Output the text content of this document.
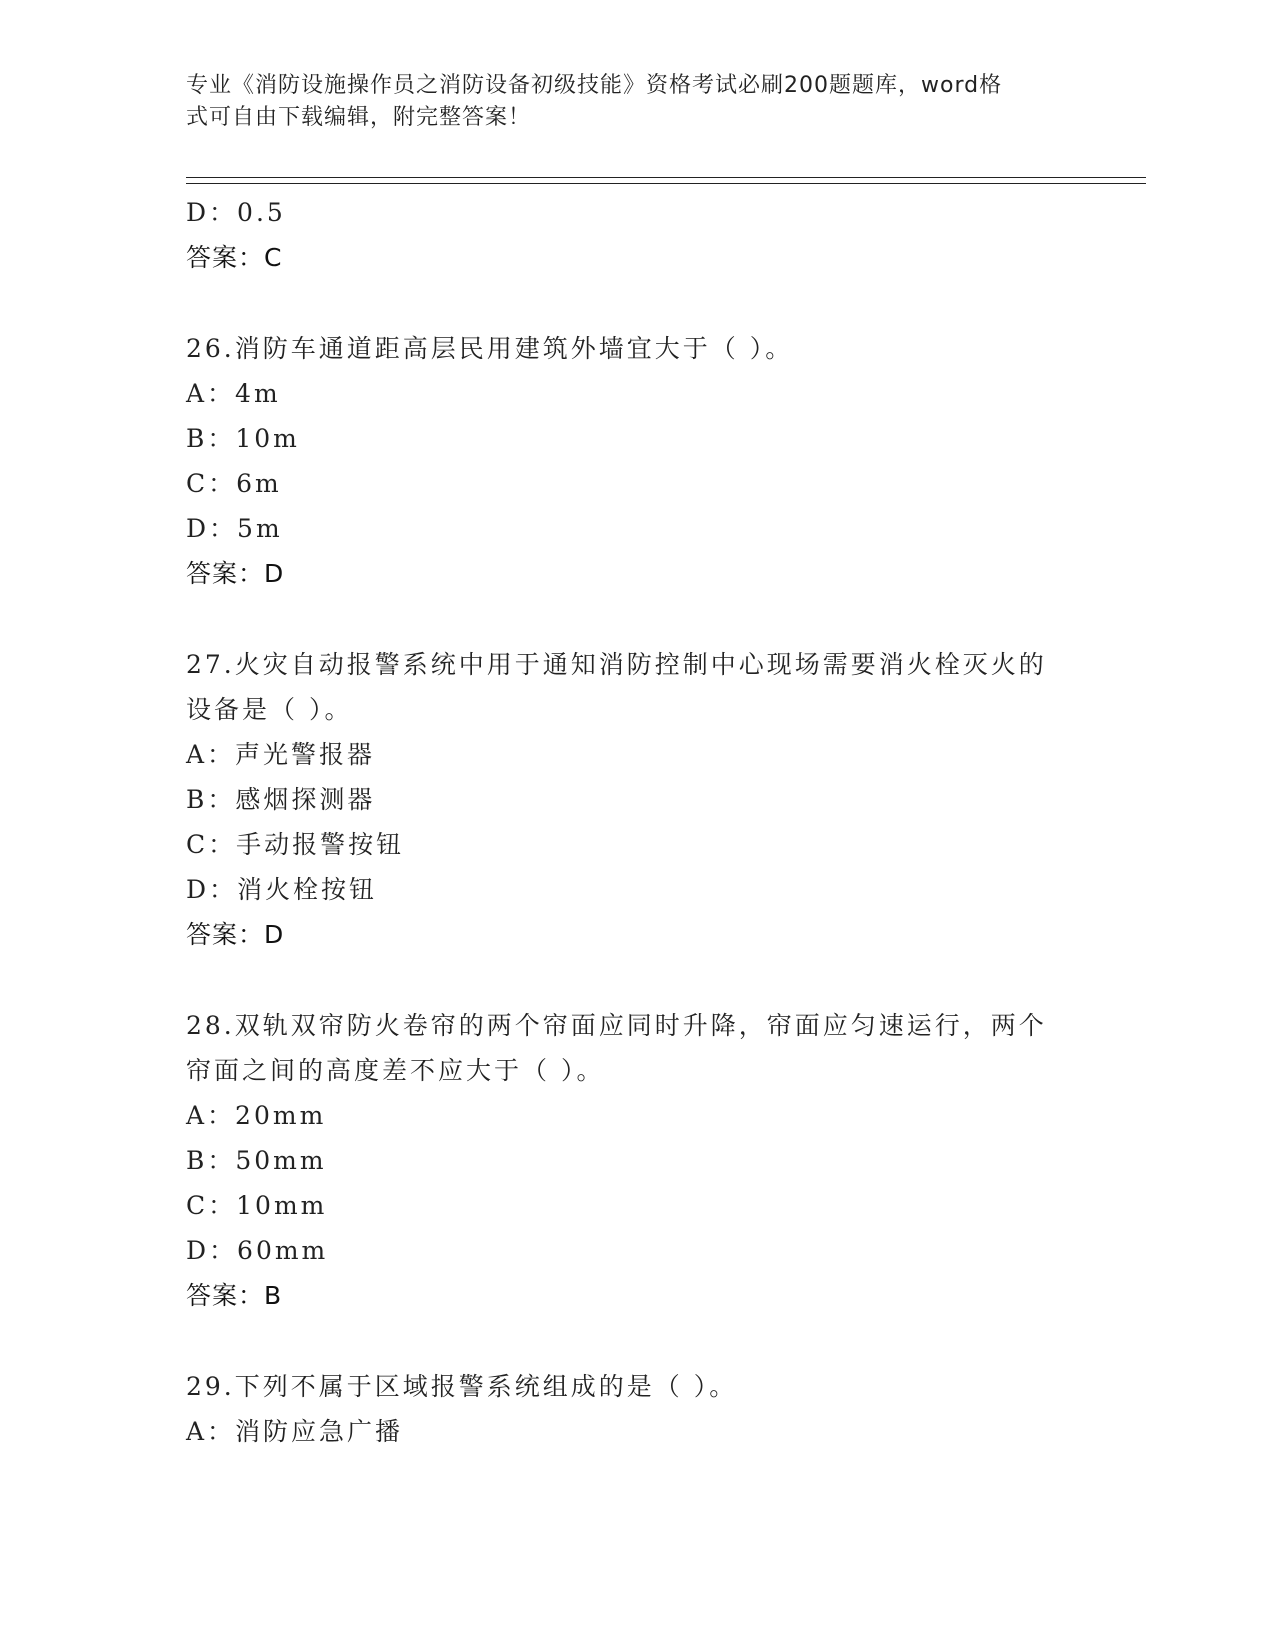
专业《消防设施操作员之消防设备初级技能》资格考试必刷200题题库，word格
式可自由下载编辑，附完整答案！
D：0.5
答案：C
26.消防车通道距高层民用建筑外墙宜大于（ ）。
A：4m
B：10m
C：6m
D：5m
答案：D
27.火灾自动报警系统中用于通知消防控制中心现场需要消火栓灭火的
设备是（ ）。
A：声光警报器
B：感烟探测器
C：手动报警按钮
D：消火栓按钮
答案：D
28.双轨双帘防火卷帘的两个帘面应同时升降，帘面应匀速运行，两个
帘面之间的高度差不应大于（ ）。
A：20mm
B：50mm
C：10mm
D：60mm
答案：B
29.下列不属于区域报警系统组成的是（ ）。
A：消防应急广播
